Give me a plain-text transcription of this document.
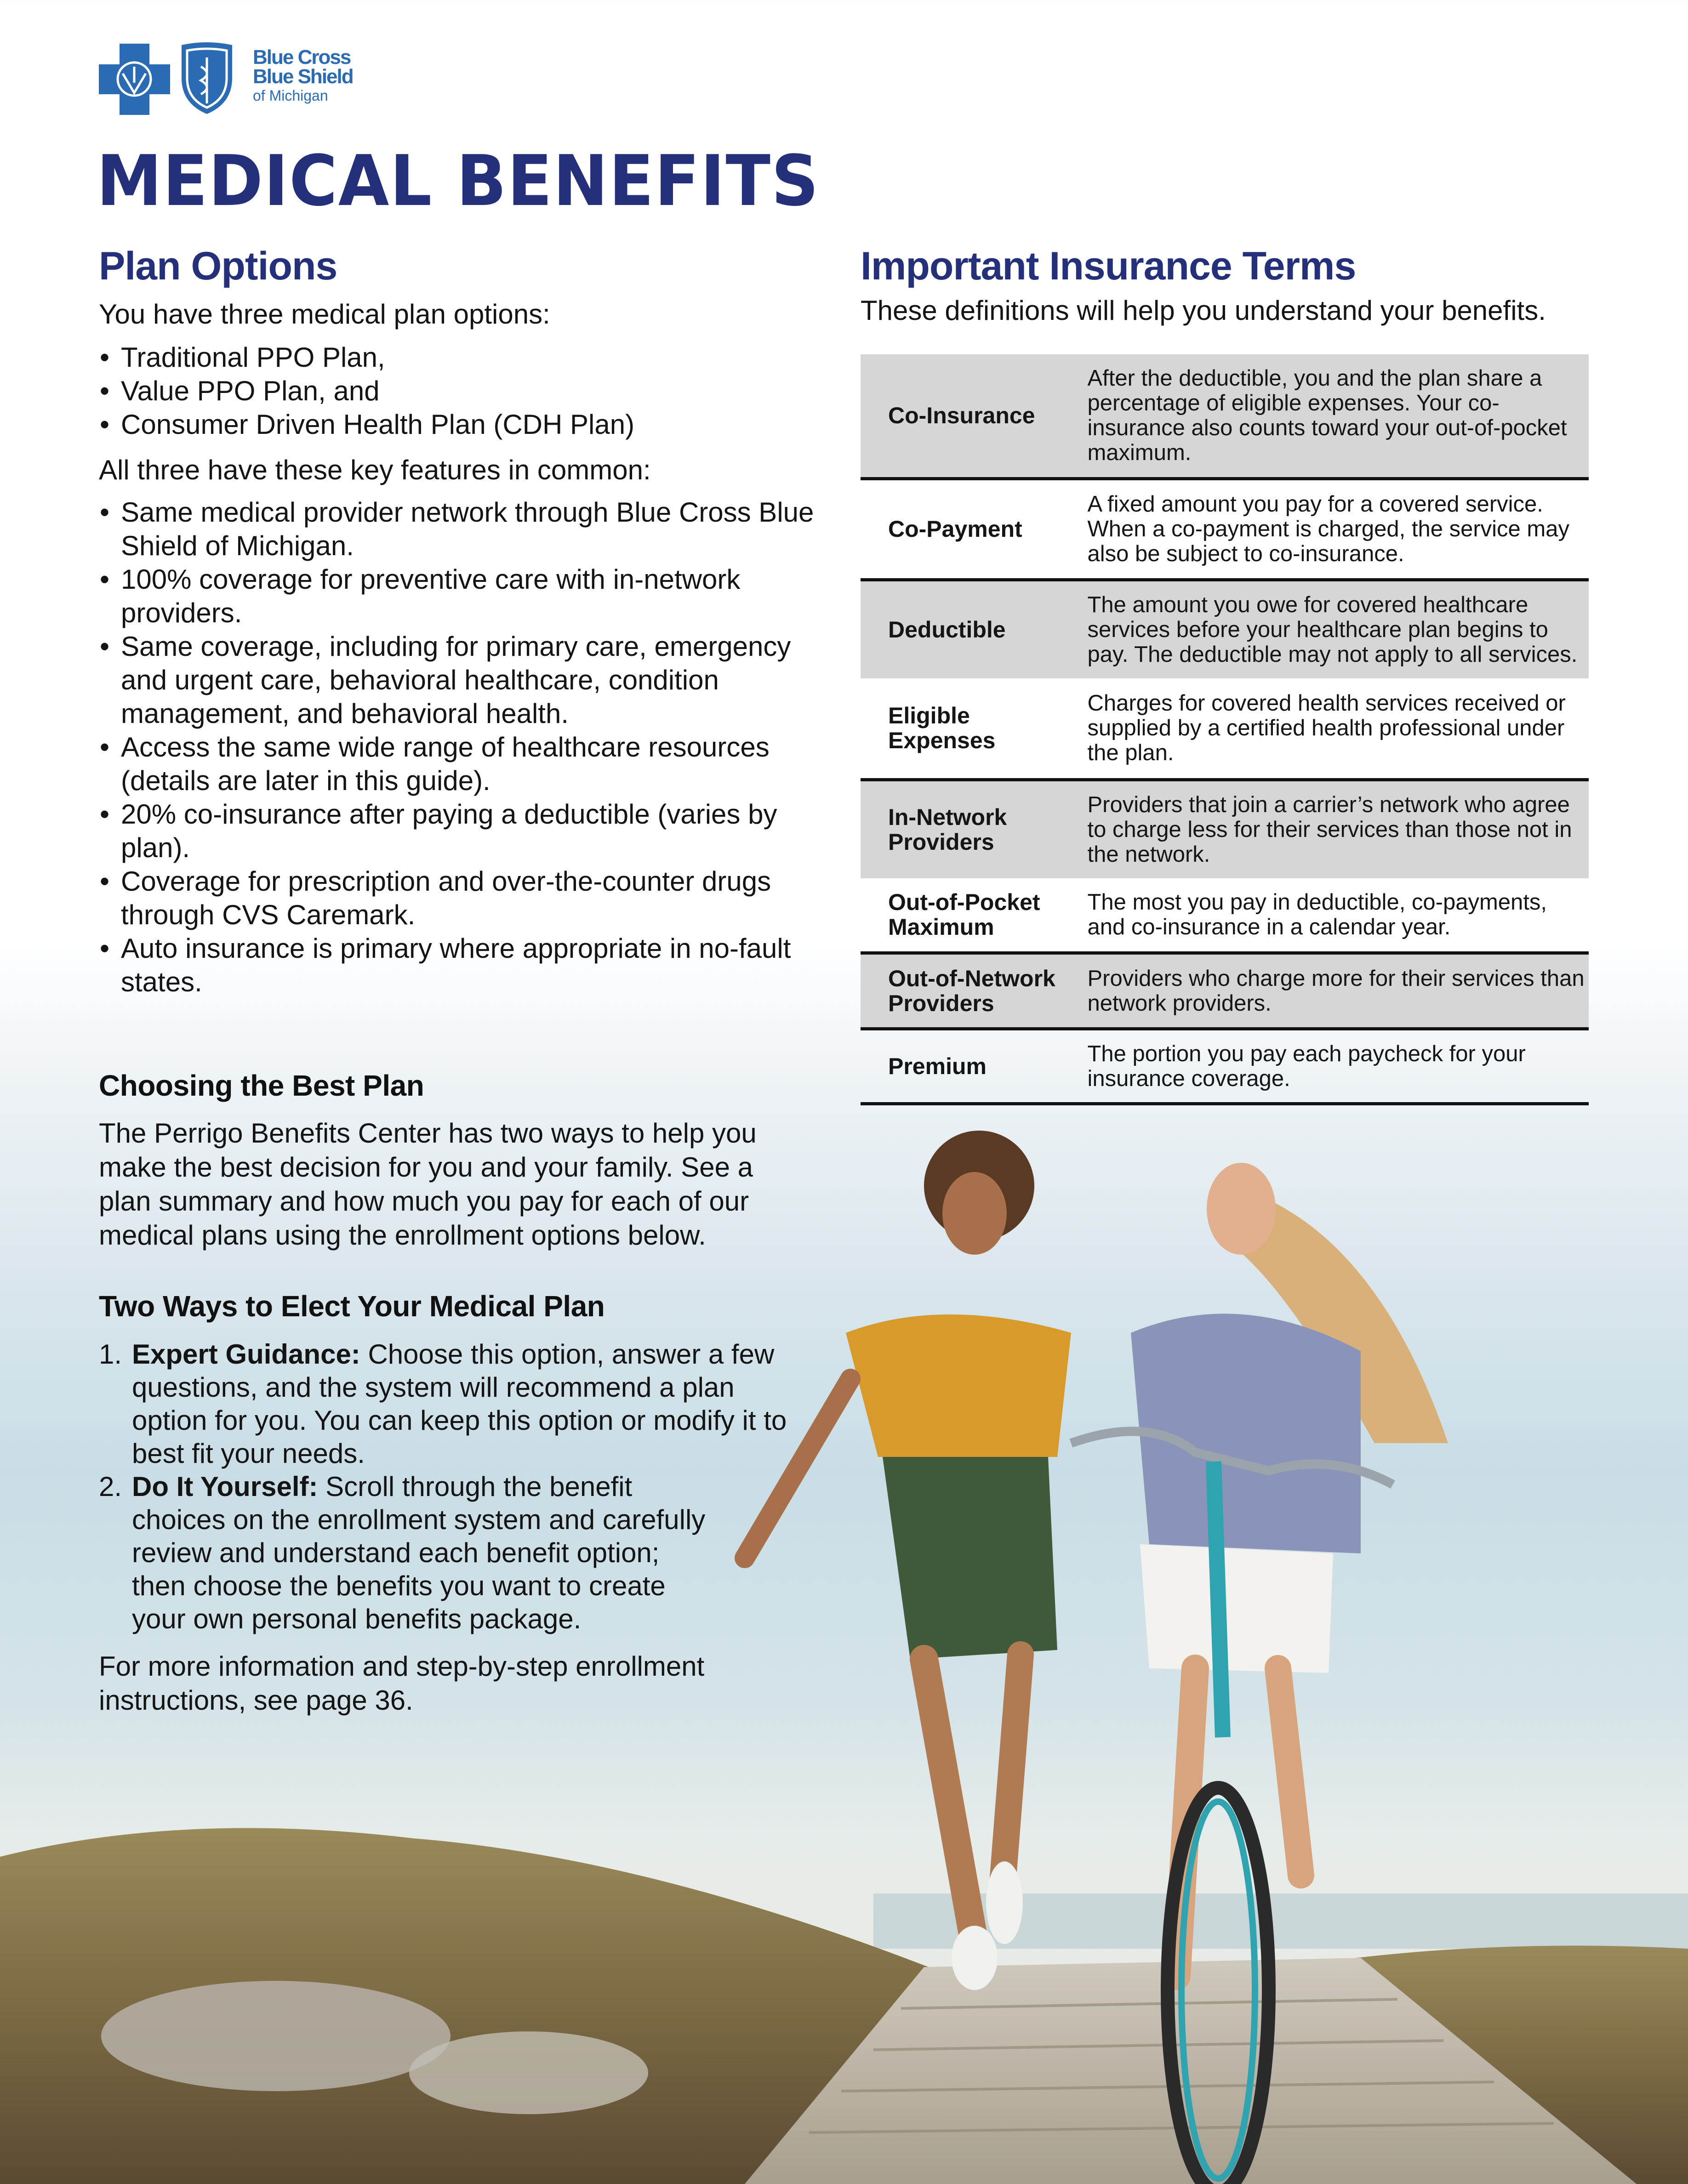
Blue Cross
Blue Shield
of Michigan
MEDICAL BENEFITS
Plan Options

You have three medical plan options:

• Traditional PPO Plan,
• Value PPO Plan, and
• Consumer Driven Health Plan (CDH Plan)

All three have these key features in common:

• Same medical provider network through Blue Cross Blue Shield of Michigan.
• 100% coverage for preventive care with in-network providers.
• Same coverage, including for primary care, emergency and urgent care, behavioral healthcare, condition management, and behavioral health.
• Access the same wide range of healthcare resources (details are later in this guide).
• 20% co-insurance after paying a deductible (varies by plan).
• Coverage for prescription and over-the-counter drugs through CVS Caremark.
• Auto insurance is primary where appropriate in no-fault states.
Choosing the Best Plan

The Perrigo Benefits Center has two ways to help you make the best decision for you and your family. See a plan summary and how much you pay for each of our medical plans using the enrollment options below.

Two Ways to Elect Your Medical Plan
1. Expert Guidance: Choose this option, answer a few questions, and the system will recommend a plan option for you. You can keep this option or modify it to best fit your needs.
2. Do It Yourself: Scroll through the benefit choices on the enrollment system and carefully review and understand each benefit option; then choose the benefits you want to create your own personal benefits package.

For more information and step-by-step enrollment instructions, see page 36.

Important Insurance Terms

These definitions will help you understand your benefits.

Co-Insurance	After the deductible, you and the plan share a percentage of eligible expenses. Your co-insurance also counts toward your out-of-pocket maximum.
Co-Payment	A fixed amount you pay for a covered service. When a co-payment is charged, the service may also be subject to co-insurance.
Deductible	The amount you owe for covered healthcare services before your healthcare plan begins to pay. The deductible may not apply to all services.
Eligible Expenses	Charges for covered health services received or supplied by a certified health professional under the plan.
In-Network Providers	Providers that join a carrier’s network who agree to charge less for their services than those not in the network.
Out-of-Pocket Maximum	The most you pay in deductible, co-payments, and co-insurance in a calendar year.
Out-of-Network Providers	Providers who charge more for their services than network providers.
Premium	The portion you pay each paycheck for your insurance coverage.
